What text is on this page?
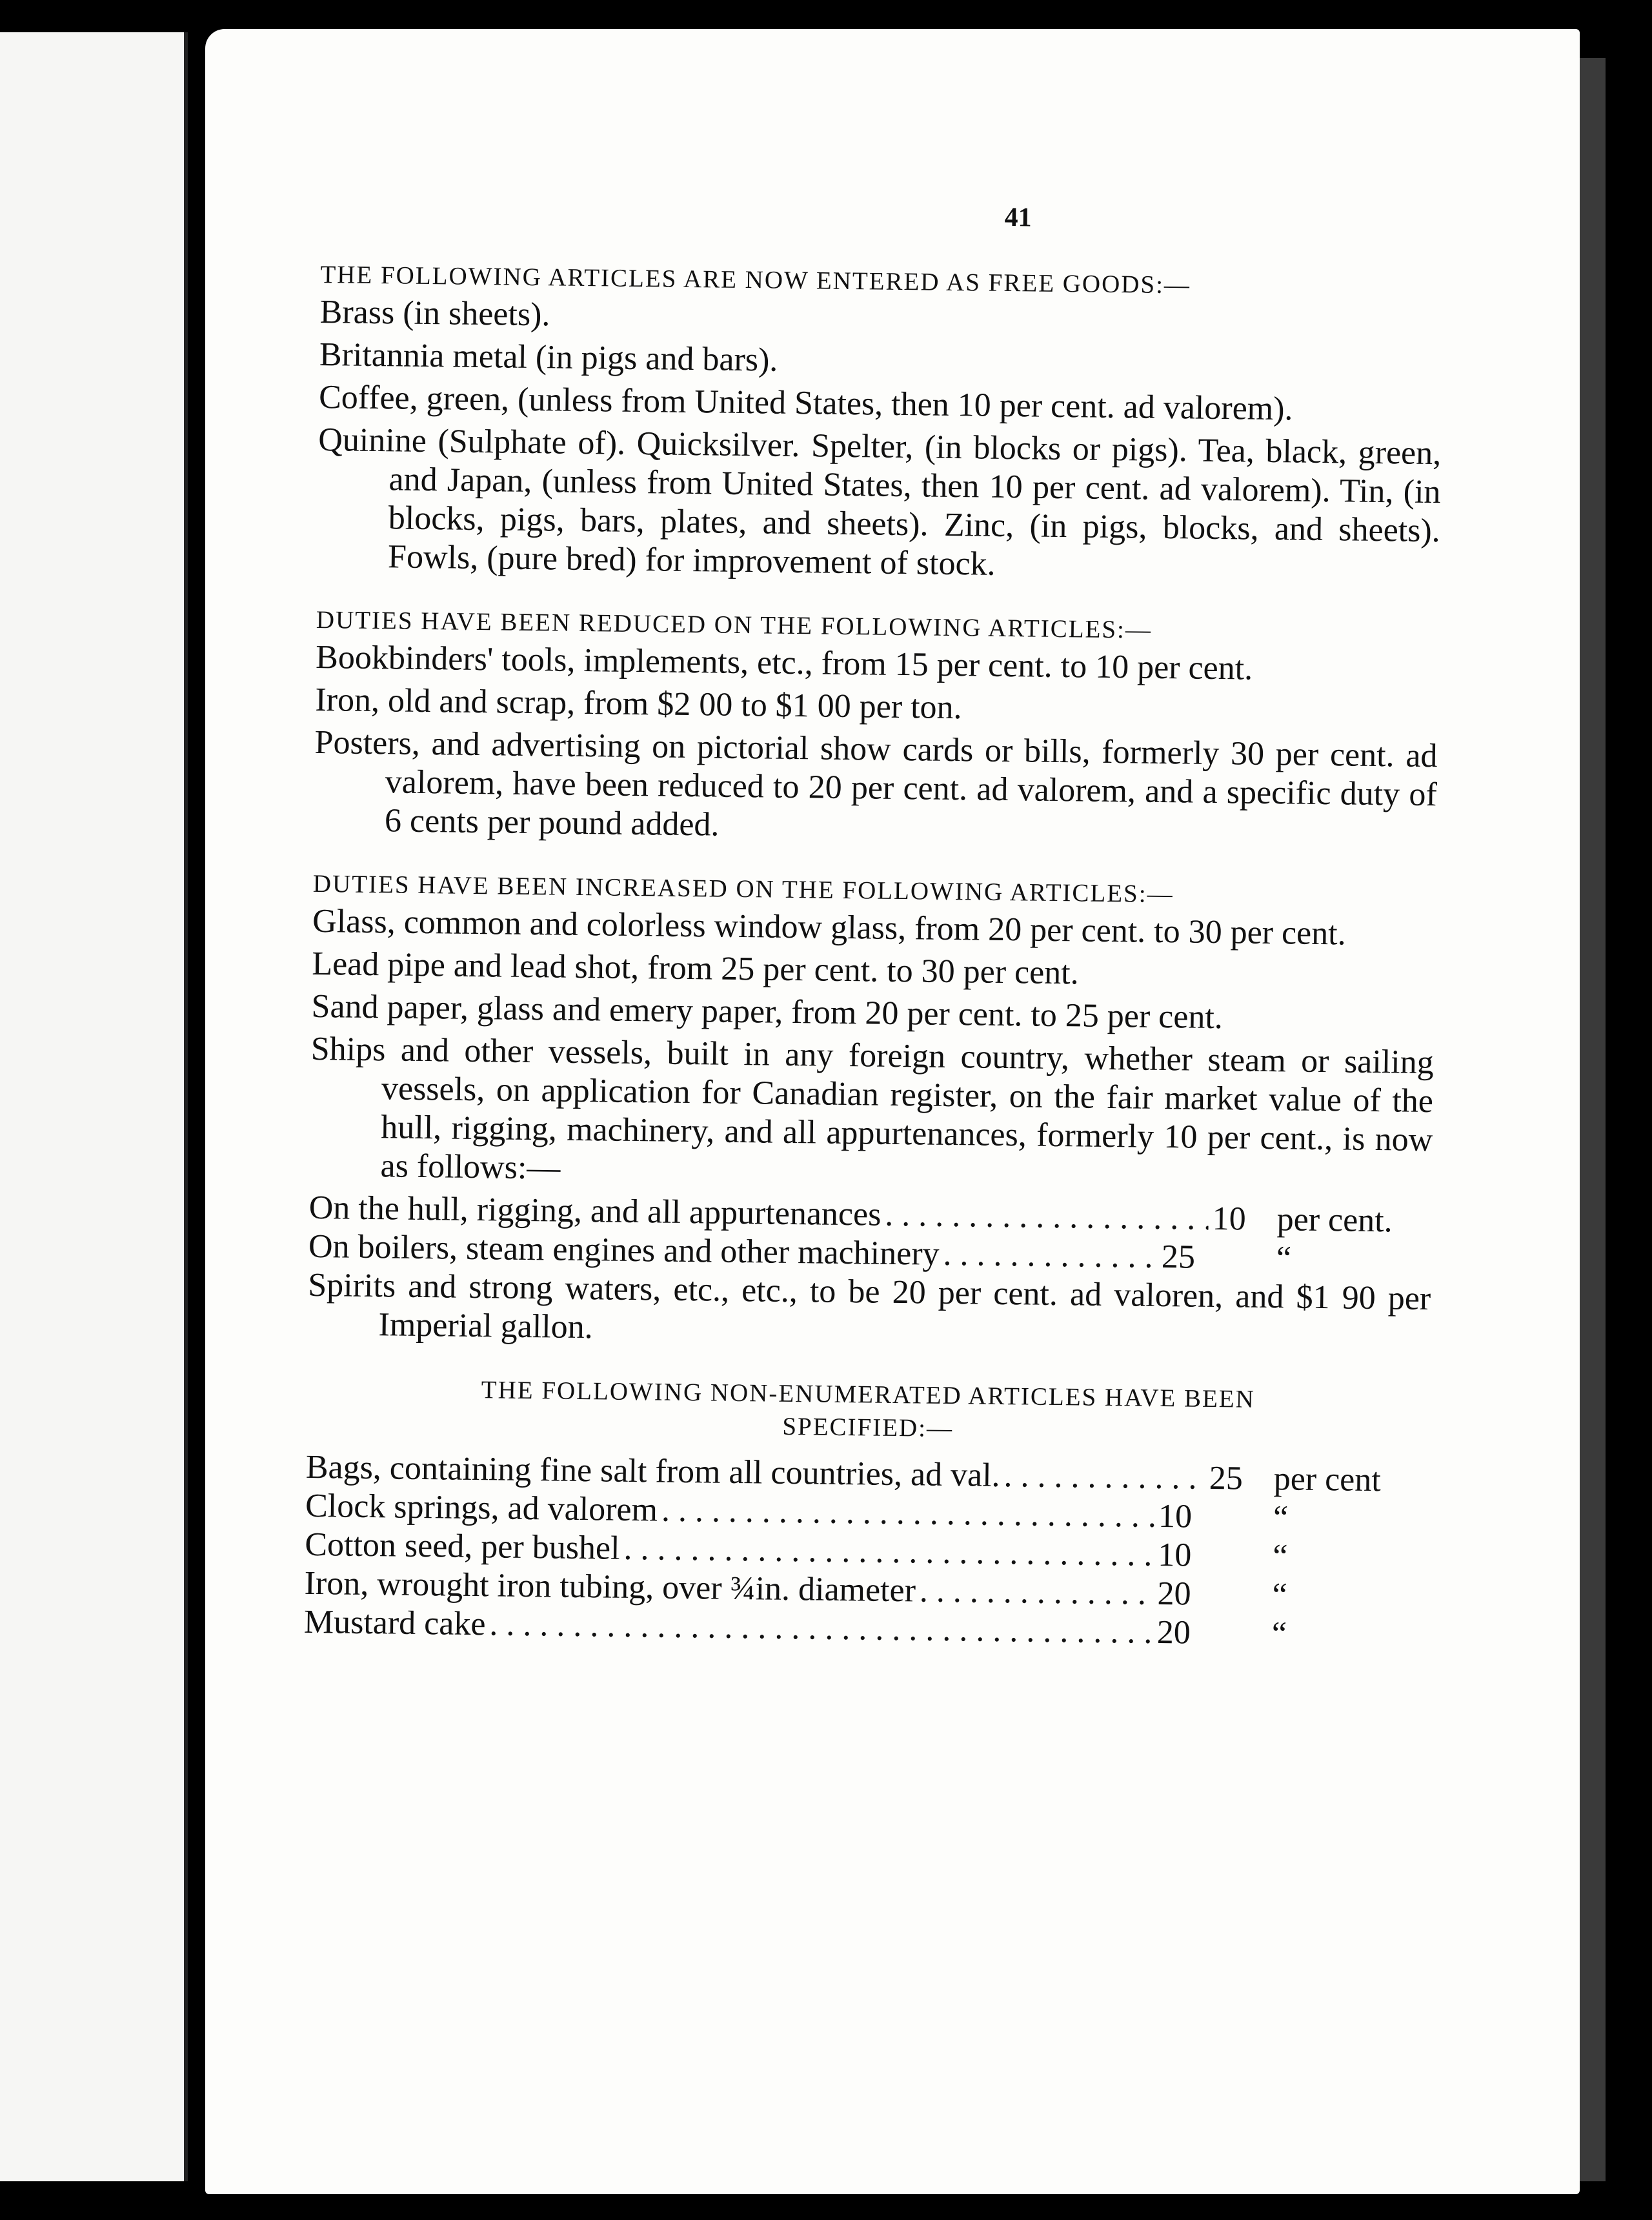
41
THE FOLLOWING ARTICLES ARE NOW ENTERED AS FREE GOODS:—

Brass (in sheets).

Britannia metal (in pigs and bars).

Coffee, green, (unless from United States, then 10 per cent. ad valorem).

Quinine (Sulphate of). Quicksilver. Spelter, (in blocks or pigs). Tea, black, green, and Japan, (unless from United States, then 10 per cent. ad valorem). Tin, (in blocks, pigs, bars, plates, and sheets). Zinc, (in pigs, blocks, and sheets). Fowls, (pure bred) for improvement of stock.

DUTIES HAVE BEEN REDUCED ON THE FOLLOWING ARTICLES:—

Bookbinders' tools, implements, etc., from 15 per cent. to 10 per cent.

Iron, old and scrap, from $2 00 to $1 00 per ton.

Posters, and advertising on pictorial show cards or bills, formerly 30 per cent. ad valorem, have been reduced to 20 per cent. ad valorem, and a specific duty of 6 cents per pound added.

DUTIES HAVE BEEN INCREASED ON THE FOLLOWING ARTICLES:—

Glass, common and colorless window glass, from 20 per cent. to 30 per cent.

Lead pipe and lead shot, from 25 per cent. to 30 per cent.

Sand paper, glass and emery paper, from 20 per cent. to 25 per cent.

Ships and other vessels, built in any foreign country, whether steam or sailing vessels, on application for Canadian register, on the fair market value of the hull, rigging, machinery, and all appurtenances, formerly 10 per cent., is now as follows:—

On the hull, rigging, and all appurtenances . . .	10 per cent.
On boilers, steam engines and other machinery . . .	25	“

Spirits and strong waters, etc., etc., to be 20 per cent. ad valoren, and $1 90 per Imperial gallon.

THE FOLLOWING NON-ENUMERATED ARTICLES HAVE BEEN
SPECIFIED:—
Bags, containing fine salt from all countries, ad val. . . .	25 per cent
Clock springs, ad valorem . . .	10	“
Cotton seed, per bushel . . .	10	“
Iron, wrought iron tubing, over ¾in. diameter . . .	20	“
Mustard cake . . .	20	“
